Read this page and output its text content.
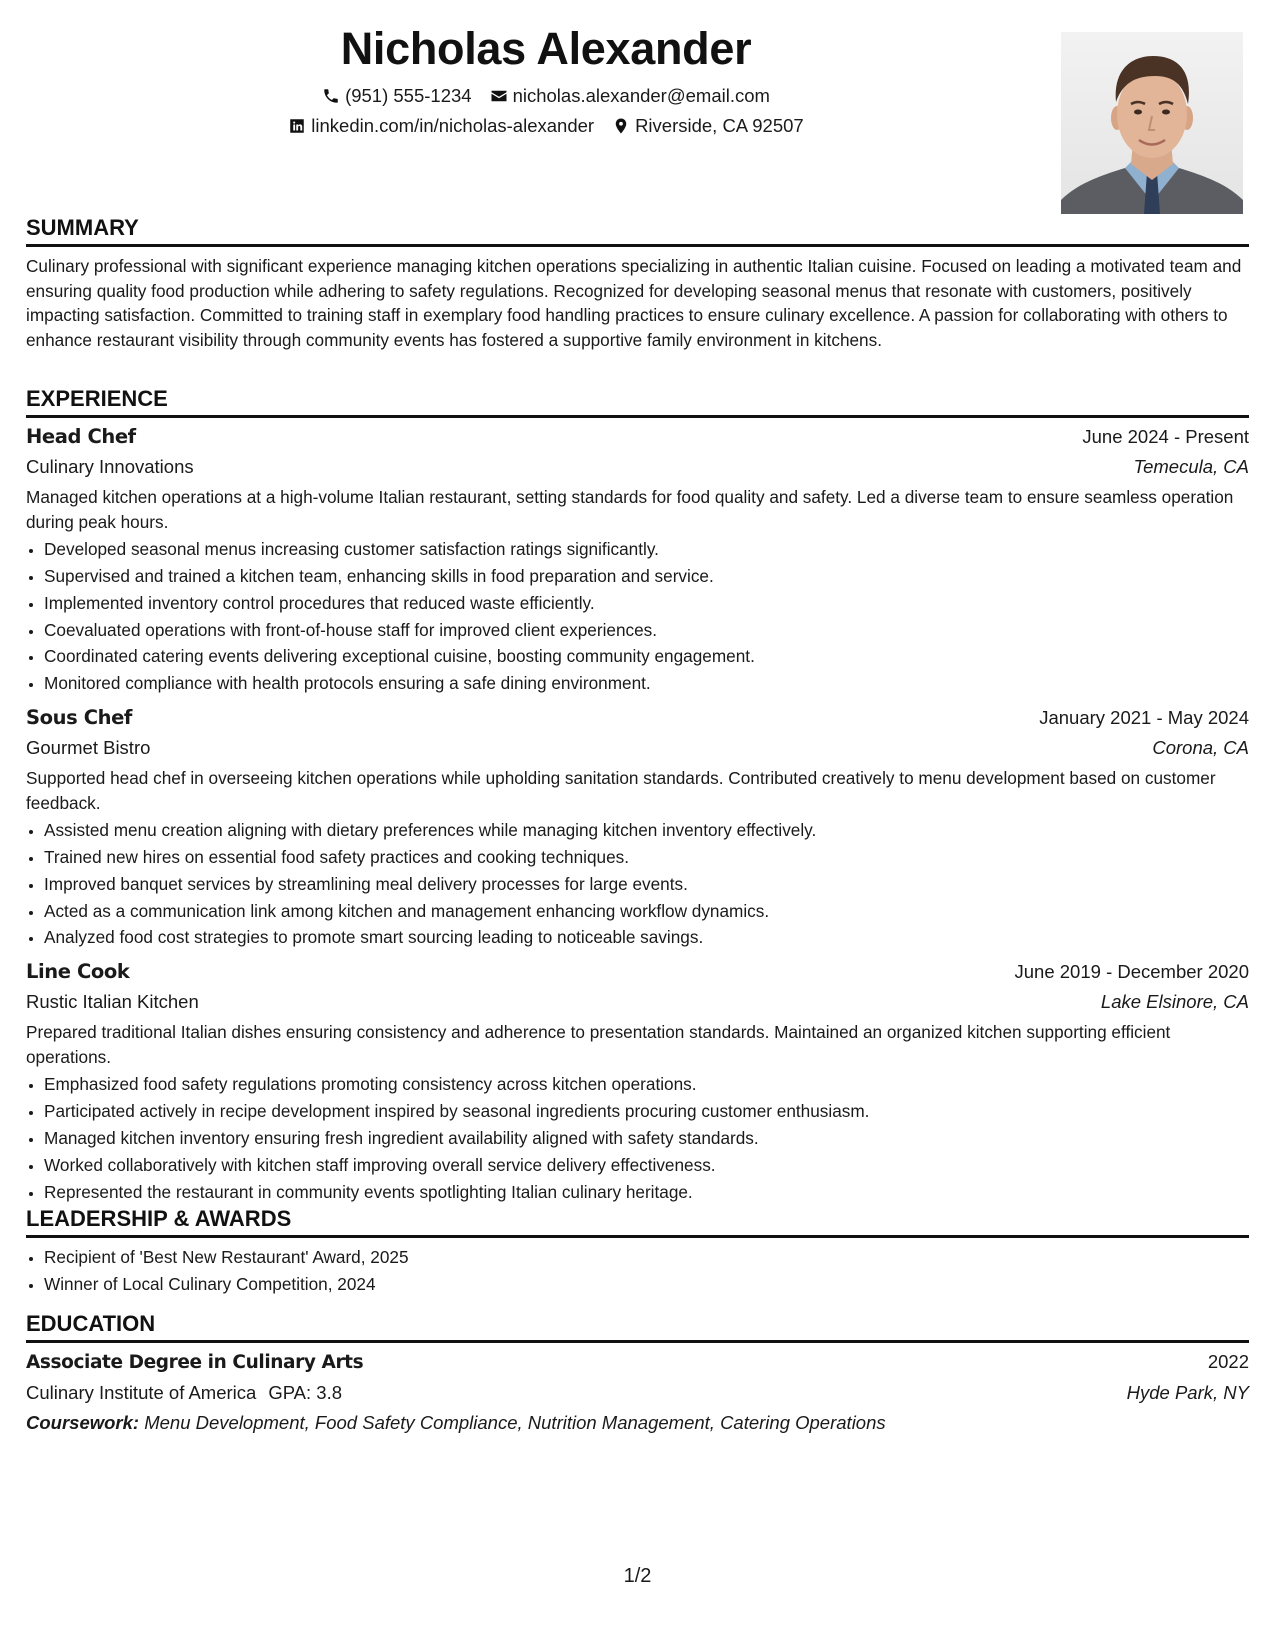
Nicholas Alexander
(951) 555-1234 nicholas.alexander@email.com
linkedin.com/in/nicholas-alexander Riverside, CA 92507
SUMMARY

Culinary professional with significant experience managing kitchen operations specializing in authentic Italian cuisine. Focused on leading a motivated team and ensuring quality food production while adhering to safety regulations. Recognized for developing seasonal menus that resonate with customers, positively impacting satisfaction. Committed to training staff in exemplary food handling practices to ensure culinary excellence. A passion for collaborating with others to enhance restaurant visibility through community events has fostered a supportive family environment in kitchens.

EXPERIENCE
Head Chef	June 2024 - Present
Culinary Innovations	Temecula, CA

Managed kitchen operations at a high-volume Italian restaurant, setting standards for food quality and safety. Led a diverse team to ensure seamless operation during peak hours.

• Developed seasonal menus increasing customer satisfaction ratings significantly.
• Supervised and trained a kitchen team, enhancing skills in food preparation and service.
• Implemented inventory control procedures that reduced waste efficiently.
• Coevaluated operations with front-of-house staff for improved client experiences.
• Coordinated catering events delivering exceptional cuisine, boosting community engagement.
• Monitored compliance with health protocols ensuring a safe dining environment.
Sous Chef	January 2021 - May 2024
Gourmet Bistro	Corona, CA

Supported head chef in overseeing kitchen operations while upholding sanitation standards. Contributed creatively to menu development based on customer feedback.

• Assisted menu creation aligning with dietary preferences while managing kitchen inventory effectively.
• Trained new hires on essential food safety practices and cooking techniques.
• Improved banquet services by streamlining meal delivery processes for large events.
• Acted as a communication link among kitchen and management enhancing workflow dynamics.
• Analyzed food cost strategies to promote smart sourcing leading to noticeable savings.
Line Cook	June 2019 - December 2020
Rustic Italian Kitchen	Lake Elsinore, CA

Prepared traditional Italian dishes ensuring consistency and adherence to presentation standards. Maintained an organized kitchen supporting efficient operations.

• Emphasized food safety regulations promoting consistency across kitchen operations.
• Participated actively in recipe development inspired by seasonal ingredients procuring customer enthusiasm.
• Managed kitchen inventory ensuring fresh ingredient availability aligned with safety standards.
• Worked collaboratively with kitchen staff improving overall service delivery effectiveness.
• Represented the restaurant in community events spotlighting Italian culinary heritage.
LEADERSHIP & AWARDS
• Recipient of 'Best New Restaurant' Award, 2025
• Winner of Local Culinary Competition, 2024
EDUCATION
Associate Degree in Culinary Arts	2022
Culinary Institute of America GPA: 3.8	Hyde Park, NY
Coursework: Menu Development, Food Safety Compliance, Nutrition Management, Catering Operations
1/2
